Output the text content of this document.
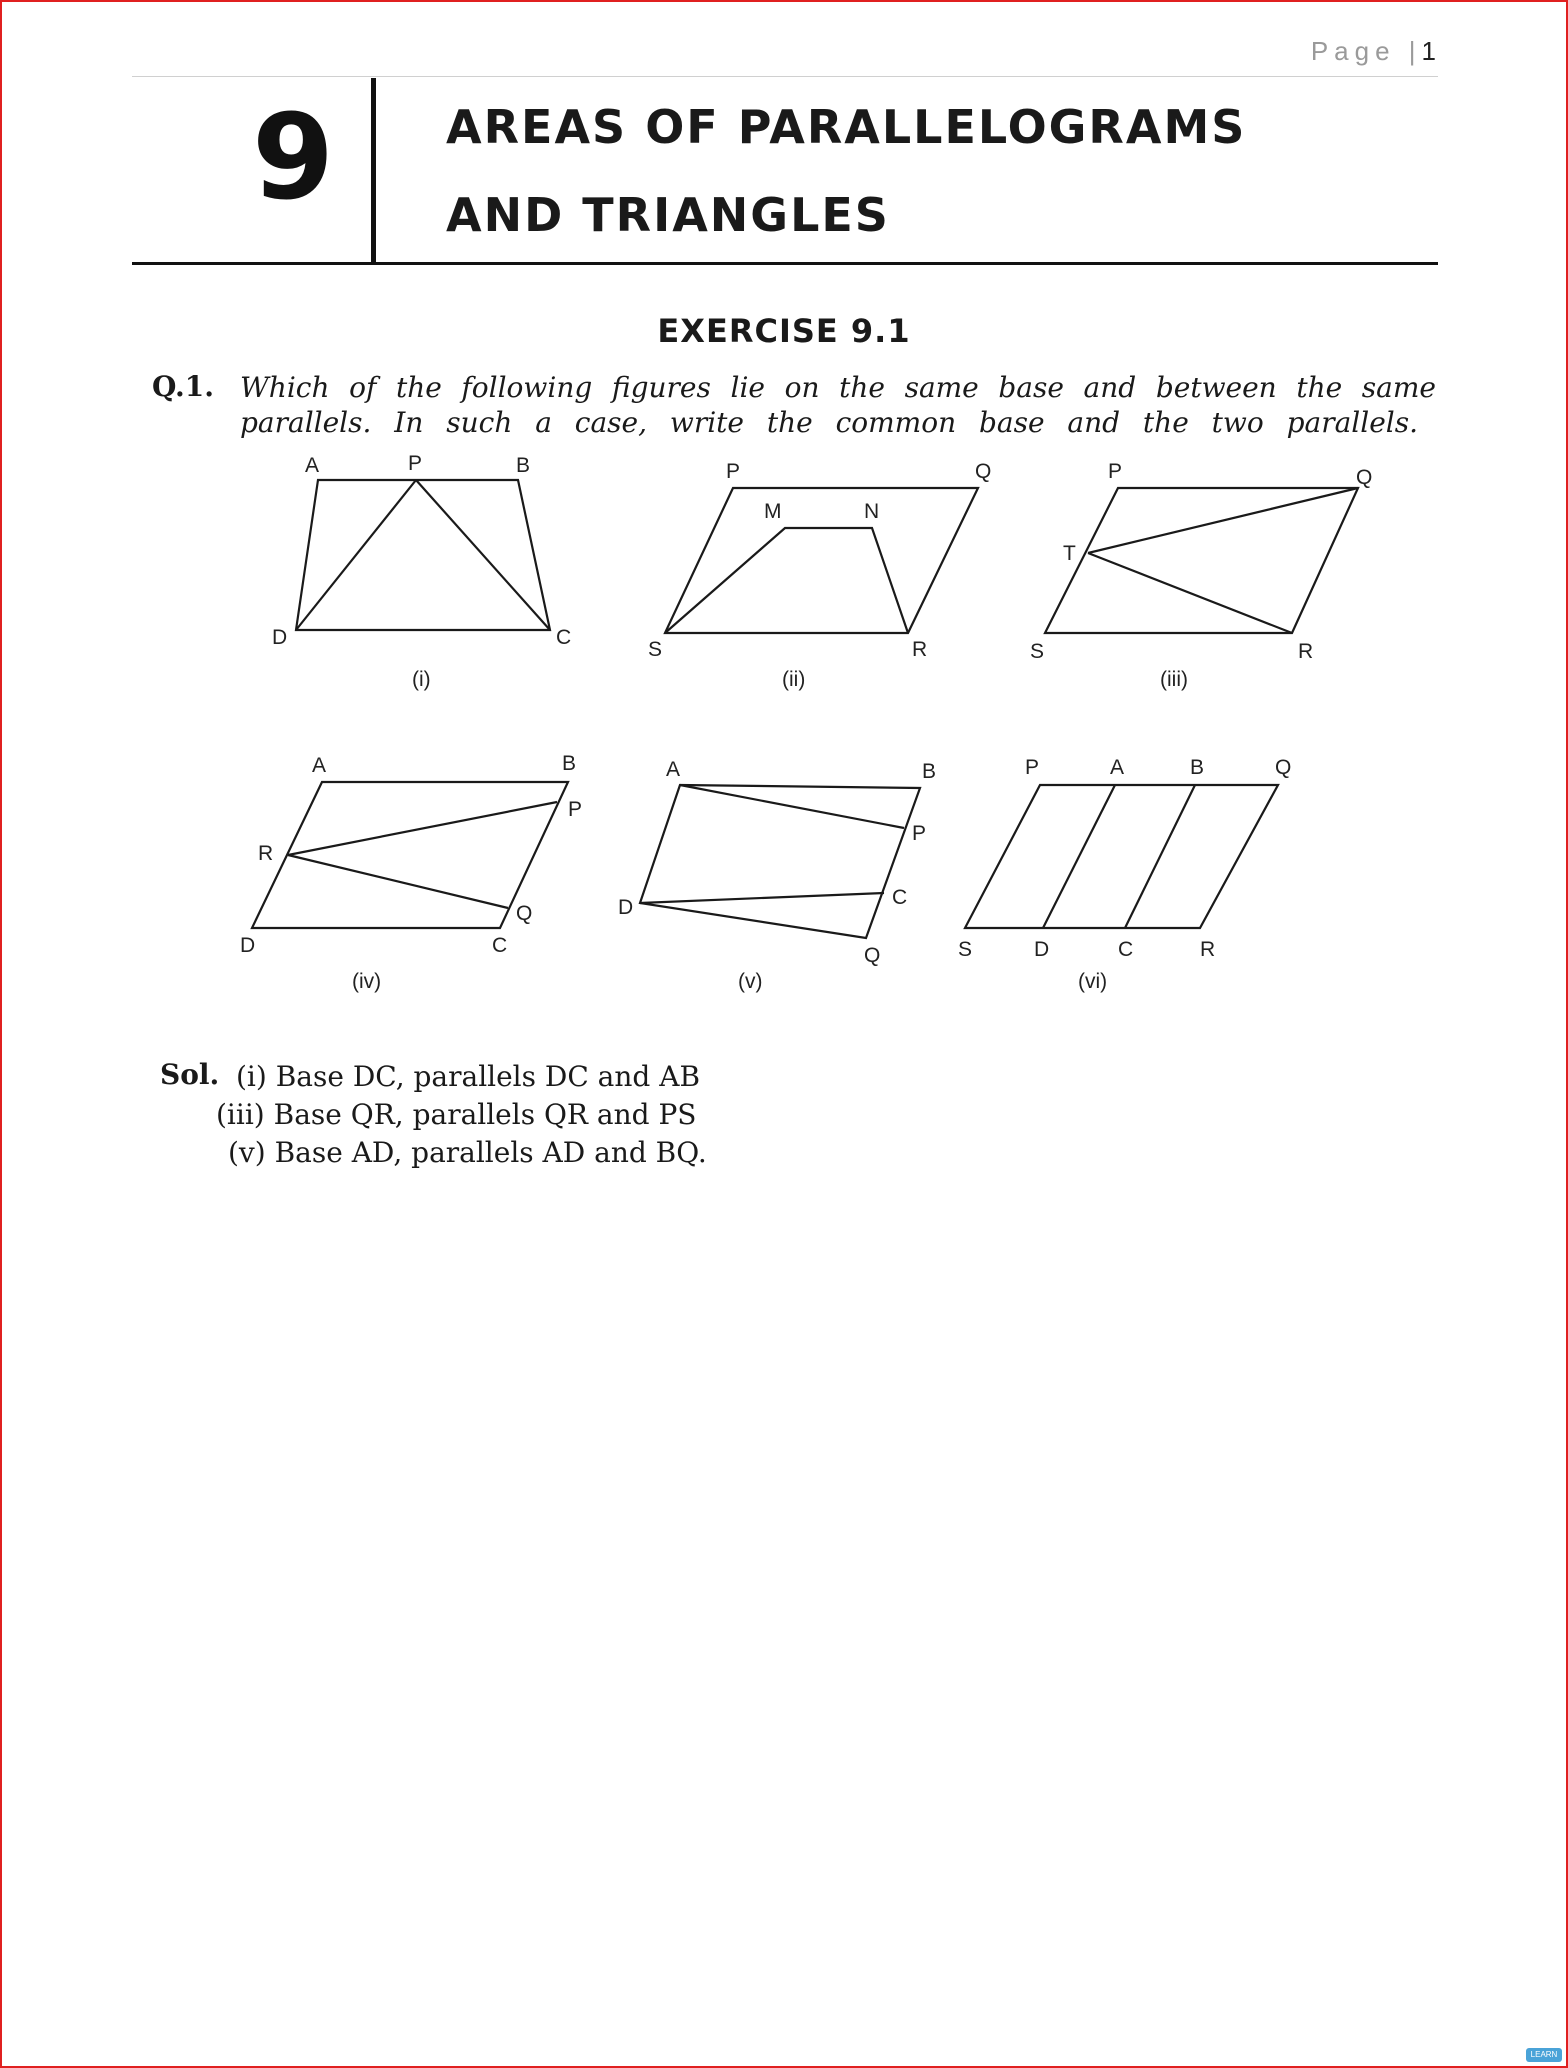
Page |1
9 AREAS OF PARALLELOGRAMS
AND TRIANGLES
EXERCISE 9.1
Q.1. Which of the following figures lie on the same base and between the same
parallels. In such a case, write the common base and the two parallels.
A	P	B
D	C
(i)
P	Q
M	N
S	R
(ii)
P	Q
T
S	R
(iii)
A	B
P
R
Q
D	C
(iv)
A	B
P
C
D
Q
(v)
P	A	B	Q
S	D	C	R
(vi)
Sol. (i) Base DC, parallels DC and AB
(iii) Base QR, parallels QR and PS
(v) Base AD, parallels AD and BQ.
LEARN
